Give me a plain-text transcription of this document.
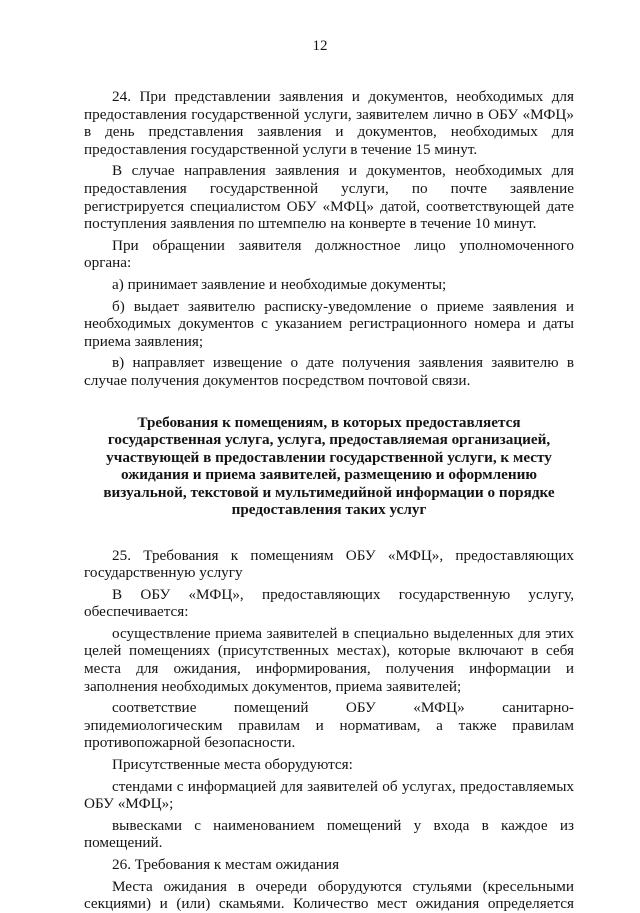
12

24. При представлении заявления и документов, необходимых для предоставления государственной услуги, заявителем лично в ОБУ «МФЦ» в день представления заявления и документов, необходимых для предоставления государственной услуги в течение 15 минут.

В случае направления заявления и документов, необходимых для предоставления государственной услуги, по почте заявление регистрируется специалистом ОБУ «МФЦ» датой, соответствующей дате поступления заявления по штемпелю на конверте в течение 10 минут.

При обращении заявителя должностное лицо уполномоченного органа:

а) принимает заявление и необходимые документы;

б) выдает заявителю расписку-уведомление о приеме заявления и необходимых документов с указанием регистрационного номера и даты приема заявления;

в) направляет извещение о дате получения заявления заявителю в случае получения документов посредством почтовой связи.

Требования к помещениям, в которых предоставляется
государственная услуга, услуга, предоставляемая организацией,
участвующей в предоставлении государственной услуги, к месту
ожидания и приема заявителей, размещению и оформлению
визуальной, текстовой и мультимедийной информации о порядке
предоставления таких услуг

25. Требования к помещениям ОБУ «МФЦ», предоставляющих государственную услугу

В ОБУ «МФЦ», предоставляющих государственную услугу, обеспечивается:

осуществление приема заявителей в специально выделенных для этих целей помещениях (присутственных местах), которые включают в себя места для ожидания, информирования, получения информации и заполнения необходимых документов, приема заявителей;

соответствие помещений ОБУ «МФЦ» санитарно-эпидемиологическим правилам и нормативам, а также правилам противопожарной безопасности.

Присутственные места оборудуются:

стендами с информацией для заявителей об услугах, предоставляемых ОБУ «МФЦ»;

вывесками с наименованием помещений у входа в каждое из помещений.

26. Требования к местам ожидания

Места ожидания в очереди оборудуются стульями (кресельными секциями) и (или) скамьями. Количество мест ожидания определяется
